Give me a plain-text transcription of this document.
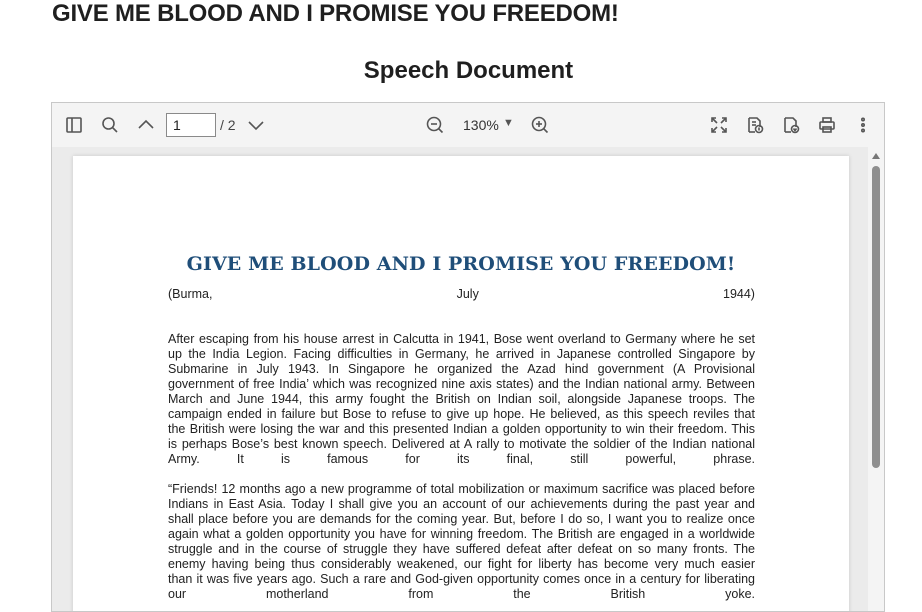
GIVE ME BLOOD AND I PROMISE YOU FREEDOM!
Speech Document
1
/ 2	130% ▼
GIVE ME BLOOD AND I PROMISE YOU FREEDOM!
(Burma,	July	1944)
After escaping from his house arrest in Calcutta in 1941, Bose went overland to Germany where he set
up the India Legion. Facing difficulties in Germany, he arrived in Japanese controlled Singapore by
Submarine in July 1943. In Singapore he organized the Azad hind government (A Provisional
government of free India’ which was recognized nine axis states) and the Indian national army. Between
March and June 1944, this army fought the British on Indian soil, alongside Japanese troops. The
campaign ended in failure but Bose to refuse to give up hope. He believed, as this speech reviles that
the British were losing the war and this presented Indian a golden opportunity to win their freedom. This
is perhaps Bose’s best known speech. Delivered at A rally to motivate the soldier of the Indian national
Army. It is famous for its final, still powerful, phrase.
“Friends! 12 months ago a new programme of total mobilization or maximum sacrifice was placed before
Indians in East Asia. Today I shall give you an account of our achievements during the past year and
shall place before you are demands for the coming year. But, before I do so, I want you to realize once
again what a golden opportunity you have for winning freedom. The British are engaged in a worldwide
struggle and in the course of struggle they have suffered defeat after defeat on so many fronts. The
enemy having being thus considerably weakened, our fight for liberty has become very much easier
than it was five years ago. Such a rare and God-given opportunity comes once in a century for liberating
our motherland from the British yoke.
